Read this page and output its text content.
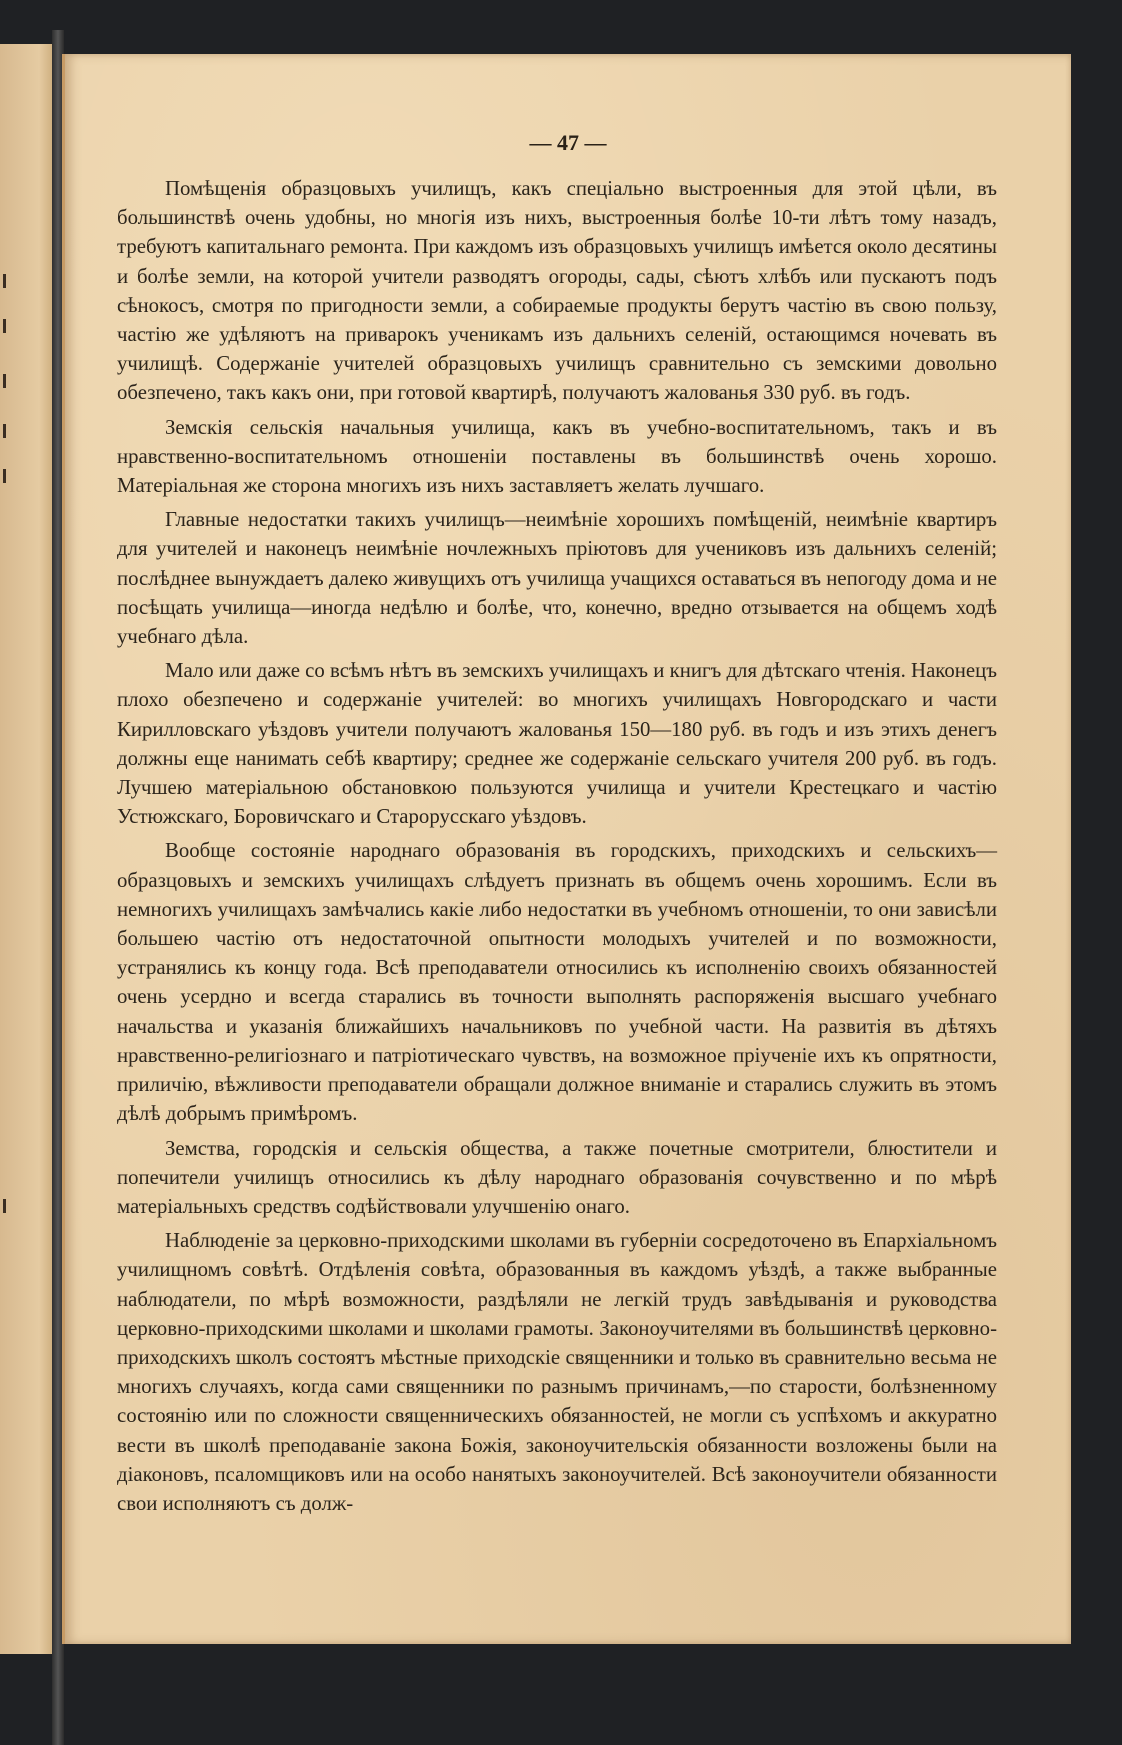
— 47 —

Помѣщенія образцовыхъ училищъ, какъ спеціально выстроенныя для этой цѣли, въ большинствѣ очень удобны, но многія изъ нихъ, выстроенныя болѣе 10-ти лѣтъ тому назадъ, требуютъ капитальнаго ремонта. При каждомъ изъ образцовыхъ училищъ имѣется около десятины и болѣе земли, на которой учители разводятъ огороды, сады, сѣютъ хлѣбъ или пускаютъ подъ сѣнокосъ, смотря по пригодности земли, а собираемые продукты берутъ частію въ свою пользу, частію же удѣляютъ на приварокъ ученикамъ изъ дальнихъ селеній, остающимся ночевать въ училищѣ. Содержаніе учителей образцовыхъ училищъ сравнительно съ земскими довольно обезпечено, такъ какъ они, при готовой квартирѣ, получаютъ жалованья 330 руб. въ годъ.

Земскія сельскія начальныя училища, какъ въ учебно-воспитательномъ, такъ и въ нравственно-воспитательномъ отношеніи поставлены въ большинствѣ очень хорошо. Матеріальная же сторона многихъ изъ нихъ заставляетъ желать лучшаго.

Главные недостатки такихъ училищъ—неимѣніе хорошихъ помѣщеній, неимѣніе квартиръ для учителей и наконецъ неимѣніе ночлежныхъ пріютовъ для учениковъ изъ дальнихъ селеній; послѣднее вынуждаетъ далеко живущихъ отъ училища учащихся оставаться въ непогоду дома и не посѣщать училища—иногда недѣлю и болѣе, что, конечно, вредно отзывается на общемъ ходѣ учебнаго дѣла.

Мало или даже со всѣмъ нѣтъ въ земскихъ училищахъ и книгъ для дѣтскаго чтенія. Наконецъ плохо обезпечено и содержаніе учителей: во многихъ училищахъ Новгородскаго и части Кирилловскаго уѣздовъ учители получаютъ жалованья 150—180 руб. въ годъ и изъ этихъ денегъ должны еще нанимать себѣ квартиру; среднее же содержаніе сельскаго учителя 200 руб. въ годъ. Лучшею матеріальною обстановкою пользуются училища и учители Крестецкаго и частію Устюжскаго, Боровичскаго и Старорусскаго уѣздовъ.

Вообще состояніе народнаго образованія въ городскихъ, приходскихъ и сельскихъ—образцовыхъ и земскихъ училищахъ слѣдуетъ признать въ общемъ очень хорошимъ. Если въ немногихъ училищахъ замѣчались какіе либо недостатки въ учебномъ отношеніи, то они зависѣли большею частію отъ недостаточной опытности молодыхъ учителей и по возможности, устранялись къ концу года. Всѣ преподаватели относились къ исполненію своихъ обязанностей очень усердно и всегда старались въ точности выполнять распоряженія высшаго учебнаго начальства и указанія ближайшихъ начальниковъ по учебной части. На развитія въ дѣтяхъ нравственно-религіознаго и патріотическаго чувствъ, на возможное пріученіе ихъ къ опрятности, приличію, вѣжливости преподаватели обращали должное вниманіе и старались служить въ этомъ дѣлѣ добрымъ примѣромъ.

Земства, городскія и сельскія общества, а также почетные смотрители, блюстители и попечители училищъ относились къ дѣлу народнаго образованія сочувственно и по мѣрѣ матеріальныхъ средствъ содѣйствовали улучшенію онаго.

Наблюденіе за церковно-приходскими школами въ губерніи сосредоточено въ Епархіальномъ училищномъ совѣтѣ. Отдѣленія совѣта, образованныя въ каждомъ уѣздѣ, а также выбранные наблюдатели, по мѣрѣ возможности, раздѣляли не легкій трудъ завѣдыванія и руководства церковно-приходскими школами и школами грамоты. Законоучителями въ большинствѣ церковно-приходскихъ школъ состоятъ мѣстные приходскіе священники и только въ сравнительно весьма не многихъ случаяхъ, когда сами священники по разнымъ причинамъ,—по старости, болѣзненному состоянію или по сложности священническихъ обязанностей, не могли съ успѣхомъ и аккуратно вести въ школѣ преподаваніе закона Божія, законоучительскія обязанности возложены были на діаконовъ, псаломщиковъ или на особо нанятыхъ законоучителей. Всѣ законоучители обязанности свои исполняютъ съ долж-
